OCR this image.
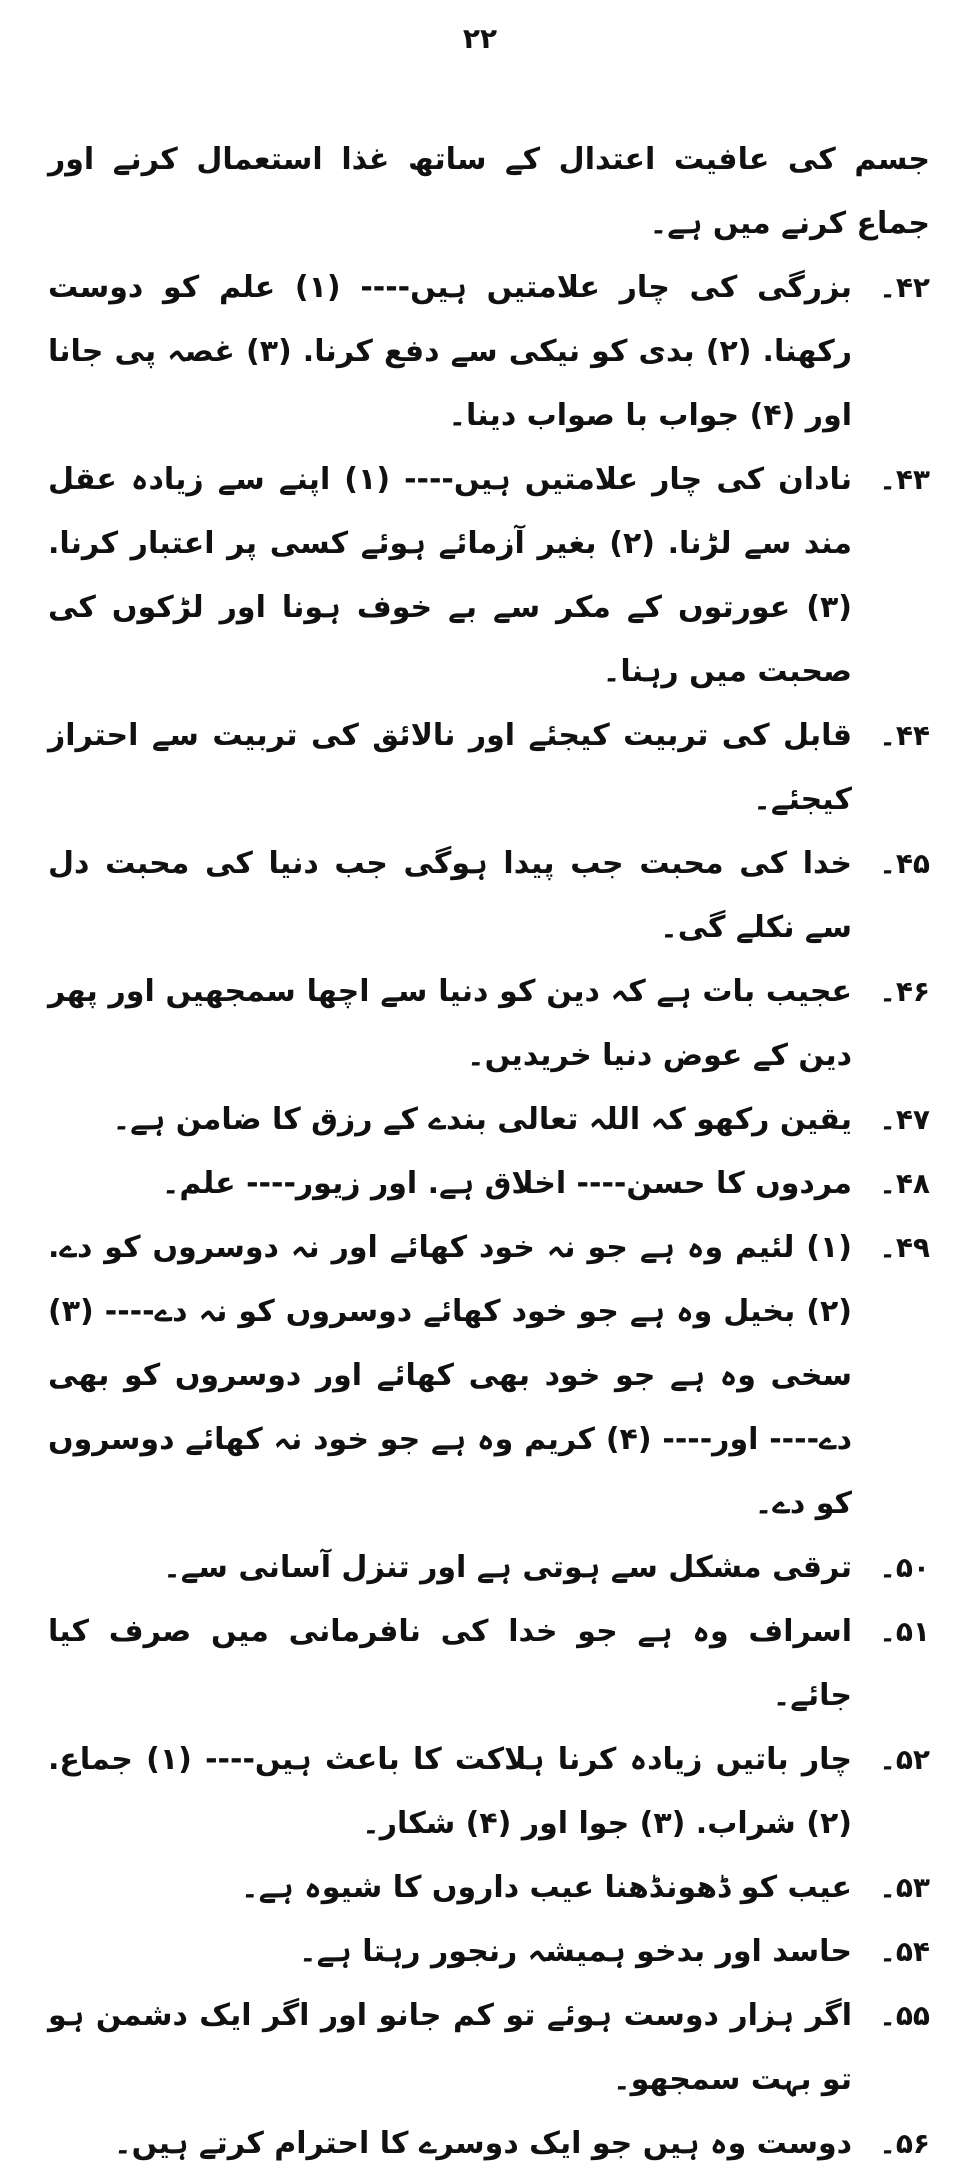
۲۲
جسم کی عافیت اعتدال کے ساتھ غذا استعمال کرنے اور جماع کرنے میں ہے۔
۴۲۔
بزرگی کی چار علامتیں ہیں---- (۱) علم کو دوست رکھنا. (۲) بدی کو نیکی سے دفع کرنا. (۳) غصہ پی جانا اور (۴) جواب با صواب دینا۔
۴۳۔
نادان کی چار علامتیں ہیں---- (۱) اپنے سے زیادہ عقل مند سے لڑنا. (۲) بغیر آزمائے ہوئے کسی پر اعتبار کرنا. (۳) عورتوں کے مکر سے بے خوف ہونا اور لڑکوں کی صحبت میں رہنا۔
۴۴۔
قابل کی تربیت کیجئے اور نالائق کی تربیت سے احتراز کیجئے۔
۴۵۔
خدا کی محبت جب پیدا ہوگی جب دنیا کی محبت دل سے نکلے گی۔
۴۶۔
عجیب بات ہے کہ دین کو دنیا سے اچھا سمجھیں اور پھر دین کے عوض دنیا خریدیں۔
۴۷۔
یقین رکھو کہ اللہ تعالی بندے کے رزق کا ضامن ہے۔
۴۸۔
مردوں کا حسن---- اخلاق ہے. اور زیور---- علم۔
۴۹۔
(۱) لئیم وہ ہے جو نہ خود کھائے اور نہ دوسروں کو دے. (۲) بخیل وہ ہے جو خود کھائے دوسروں کو نہ دے---- (۳) سخی وہ ہے جو خود بھی کھائے اور دوسروں کو بھی دے---- اور---- (۴) کریم وہ ہے جو خود نہ کھائے دوسروں کو دے۔
۵۰۔
ترقی مشکل سے ہوتی ہے اور تنزل آسانی سے۔
۵۱۔
اسراف وہ ہے جو خدا کی نافرمانی میں صرف کیا جائے۔
۵۲۔
چار باتیں زیادہ کرنا ہلاکت کا باعث ہیں---- (۱) جماع. (۲) شراب. (۳) جوا اور (۴) شکار۔
۵۳۔
عیب کو ڈھونڈھنا عیب داروں کا شیوہ ہے۔
۵۴۔
حاسد اور بدخو ہمیشہ رنجور رہتا ہے۔
۵۵۔
اگر ہزار دوست ہوئے تو کم جانو اور اگر ایک دشمن ہو تو بہت سمجھو۔
۵۶۔
دوست وہ ہیں جو ایک دوسرے کا احترام کرتے ہیں۔
